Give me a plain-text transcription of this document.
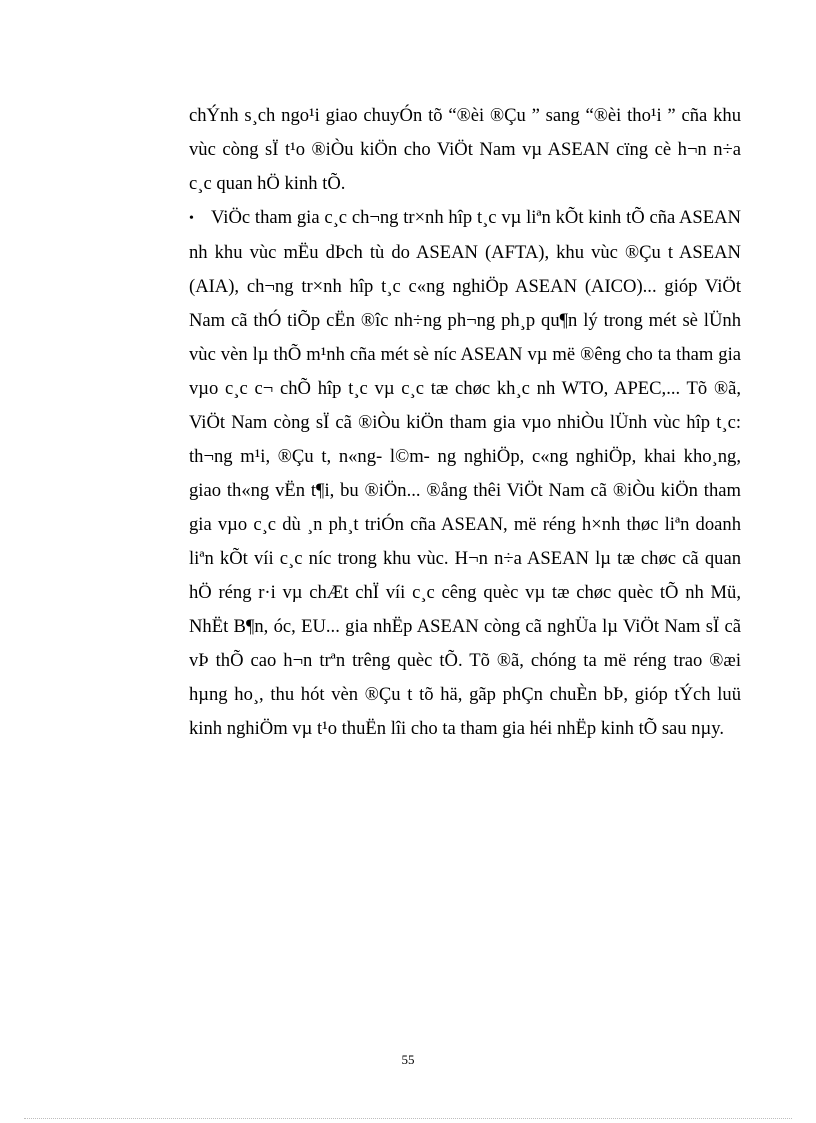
chÝnh s¸ch ngo¹i giao chuyÓn tõ “®èi ®Çu ” sang “®èi tho¹i ” cña khu vùc còng sÏ t¹o ®iÒu kiÖn cho ViÖt Nam vµ ASEAN cïng cè h¬n n÷a c¸c quan hÖ kinh tÕ.

• ViÖc tham gia c¸c ch¬ng tr×nh hîp t¸c vµ liªn kÕt kinh tÕ cña ASEAN nh khu vùc mËu dÞch tù do ASEAN (AFTA), khu vùc ®Çu t ASEAN (AIA), ch¬ng tr×nh hîp t¸c c«ng nghiÖp ASEAN (AICO)... gióp ViÖt Nam cã thÓ tiÕp cËn ®îc nh÷ng ph¬ng ph¸p qu¶n lý trong mét sè lÜnh vùc vèn lµ thÕ m¹nh cña mét sè níc ASEAN vµ më ®êng cho ta tham gia vµo c¸c c¬ chÕ hîp t¸c vµ c¸c tæ chøc kh¸c nh WTO, APEC,... Tõ ®ã, ViÖt Nam còng sÏ cã ®iÒu kiÖn tham gia vµo nhiÒu lÜnh vùc hîp t¸c: th¬ng m¹i, ®Çu t, n«ng- l©m- ng nghiÖp, c«ng nghiÖp, khai kho¸ng, giao th«ng vËn t¶i, bu ®iÖn... ®ång thêi ViÖt Nam cã ®iÒu kiÖn tham gia vµo c¸c dù ¸n ph¸t triÓn cña ASEAN, më réng h×nh thøc liªn doanh liªn kÕt víi c¸c níc trong khu vùc. H¬n n÷a ASEAN lµ tæ chøc cã quan hÖ réng r·i vµ chÆt chÏ víi c¸c cêng quèc vµ tæ chøc quèc tÕ nh Mü, NhËt B¶n, óc, EU... gia nhËp ASEAN còng cã nghÜa lµ ViÖt Nam sÏ cã vÞ thÕ cao h¬n trªn trêng quèc tÕ. Tõ ®ã, chóng ta më réng trao ®æi hµng ho¸, thu hót vèn ®Çu t tõ hä, gãp phÇn chuÈn bÞ, gióp tÝch luü kinh nghiÖm vµ t¹o thuËn lîi cho ta tham gia héi nhËp kinh tÕ sau nµy.

55
